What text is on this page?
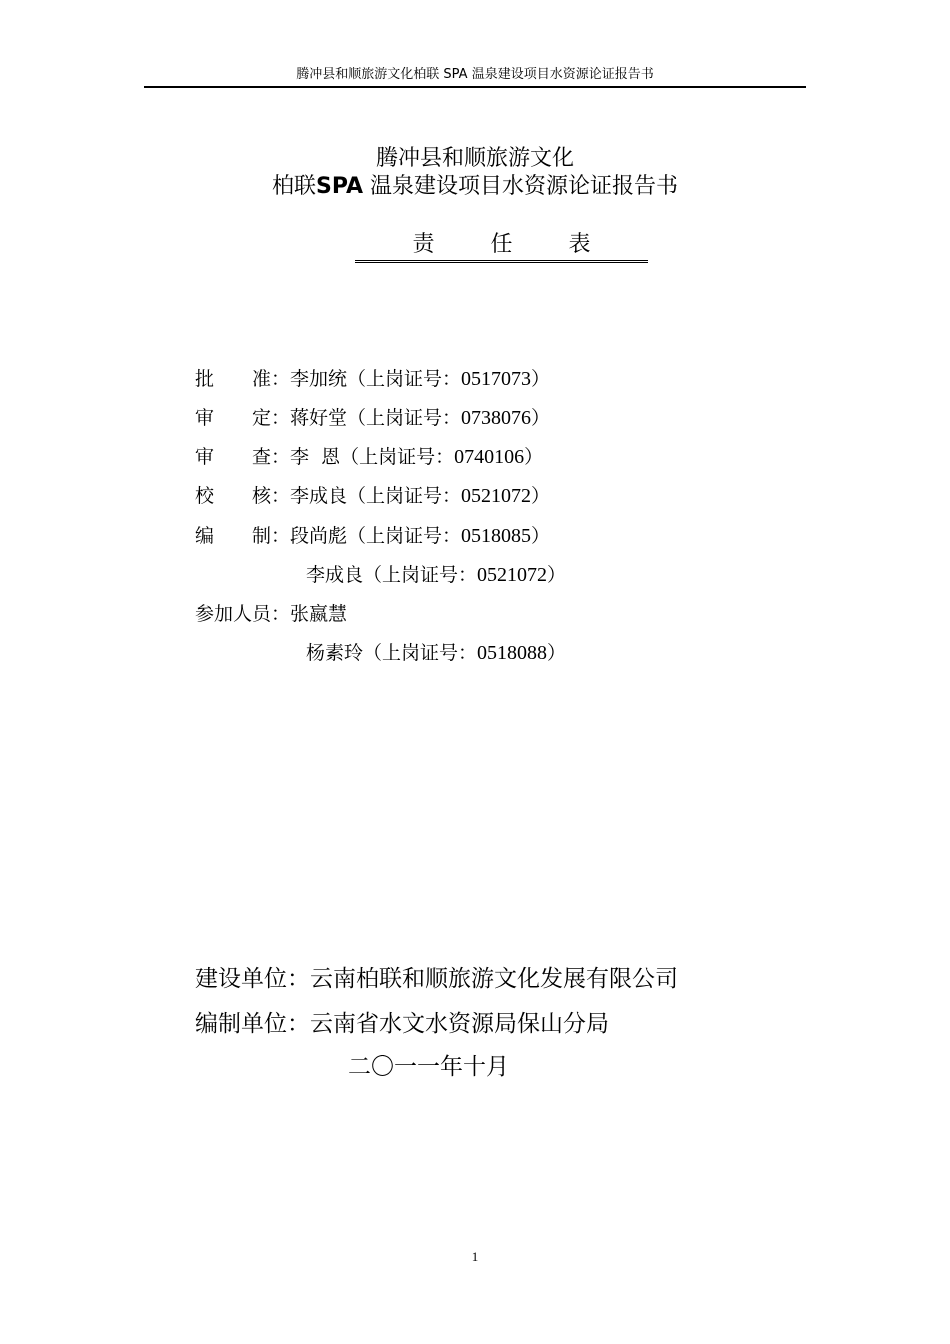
腾冲县和顺旅游文化柏联 SPA 温泉建设项目水资源论证报告书
腾冲县和顺旅游文化
柏联SPA 温泉建设项目水资源论证报告书
责任表
批准：李加统（上岗证号：0517073）
审定：蒋好堂（上岗证号：0738076）
审查：李  恩（上岗证号：0740106）
校核：李成良（上岗证号：0521072）
编制：段尚彪（上岗证号：0518085）
李成良（上岗证号：0521072）
参加人员：张嬴慧
杨素玲（上岗证号：0518088）
建设单位：云南柏联和顺旅游文化发展有限公司
编制单位：云南省水文水资源局保山分局
二〇一一年十月
1
